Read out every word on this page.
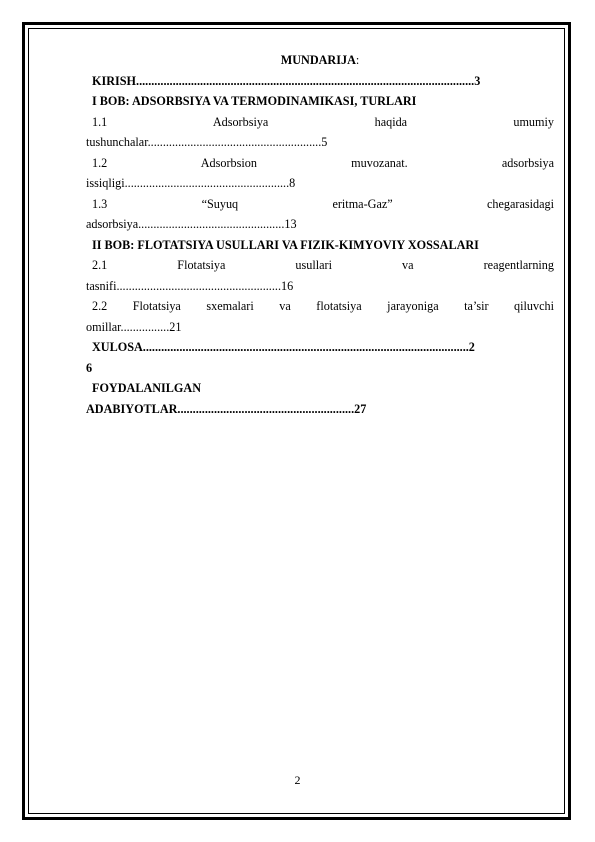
MUNDARIJA:
KIRISH...............................................................................................................3
I BOB: ADSORBSIYA VA TERMODINAMIKASI, TURLARI
1.1 Adsorbsiya haqida umumiy
tushunchalar.........................................................5
1.2 Adsorbsion muvozanat. adsorbsiya
issiqligi......................................................8
1.3 “Suyuq eritma-Gaz” chegarasidagi
adsorbsiya................................................13
II BOB: FLOTATSIYA USULLARI VA FIZIK-KIMYOVIY XOSSALARI
2.1 Flotatsiya usullari va reagentlarning
tasnifi......................................................16
2.2 Flotatsiya sxemalari va flotatsiya jarayoniga ta’sir qiluvchi
omillar................21
XULOSA...........................................................................................................2
6
FOYDALANILGAN
ADABIYOTLAR..........................................................27
2
